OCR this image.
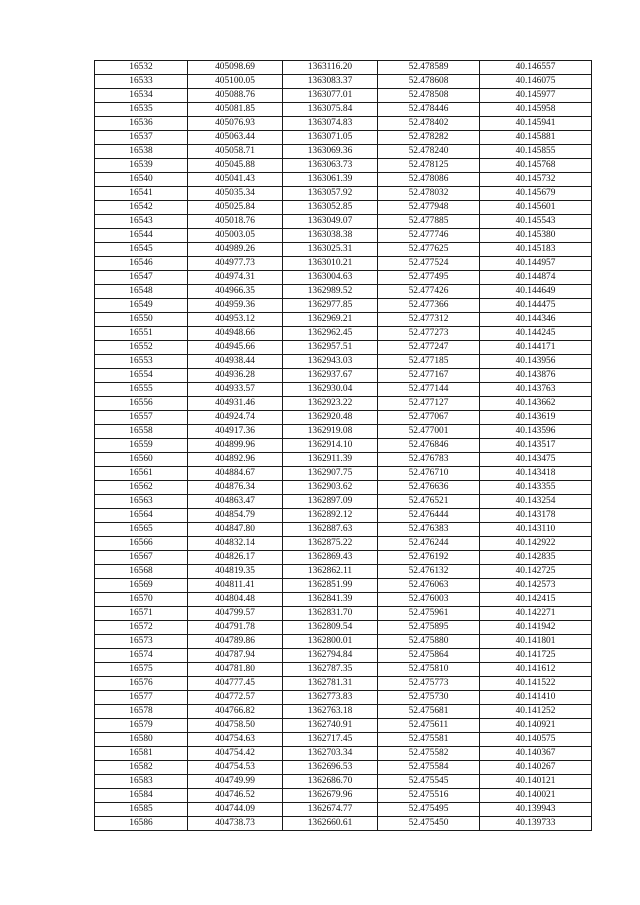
16532	405098.69	1363116.20	52.478589	40.146557
16533	405100.05	1363083.37	52.478608	40.146075
16534	405088.76	1363077.01	52.478508	40.145977
16535	405081.85	1363075.84	52.478446	40.145958
16536	405076.93	1363074.83	52.478402	40.145941
16537	405063.44	1363071.05	52.478282	40.145881
16538	405058.71	1363069.36	52.478240	40.145855
16539	405045.88	1363063.73	52.478125	40.145768
16540	405041.43	1363061.39	52.478086	40.145732
16541	405035.34	1363057.92	52.478032	40.145679
16542	405025.84	1363052.85	52.477948	40.145601
16543	405018.76	1363049.07	52.477885	40.145543
16544	405003.05	1363038.38	52.477746	40.145380
16545	404989.26	1363025.31	52.477625	40.145183
16546	404977.73	1363010.21	52.477524	40.144957
16547	404974.31	1363004.63	52.477495	40.144874
16548	404966.35	1362989.52	52.477426	40.144649
16549	404959.36	1362977.85	52.477366	40.144475
16550	404953.12	1362969.21	52.477312	40.144346
16551	404948.66	1362962.45	52.477273	40.144245
16552	404945.66	1362957.51	52.477247	40.144171
16553	404938.44	1362943.03	52.477185	40.143956
16554	404936.28	1362937.67	52.477167	40.143876
16555	404933.57	1362930.04	52.477144	40.143763
16556	404931.46	1362923.22	52.477127	40.143662
16557	404924.74	1362920.48	52.477067	40.143619
16558	404917.36	1362919.08	52.477001	40.143596
16559	404899.96	1362914.10	52.476846	40.143517
16560	404892.96	1362911.39	52.476783	40.143475
16561	404884.67	1362907.75	52.476710	40.143418
16562	404876.34	1362903.62	52.476636	40.143355
16563	404863.47	1362897.09	52.476521	40.143254
16564	404854.79	1362892.12	52.476444	40.143178
16565	404847.80	1362887.63	52.476383	40.143110
16566	404832.14	1362875.22	52.476244	40.142922
16567	404826.17	1362869.43	52.476192	40.142835
16568	404819.35	1362862.11	52.476132	40.142725
16569	404811.41	1362851.99	52.476063	40.142573
16570	404804.48	1362841.39	52.476003	40.142415
16571	404799.57	1362831.70	52.475961	40.142271
16572	404791.78	1362809.54	52.475895	40.141942
16573	404789.86	1362800.01	52.475880	40.141801
16574	404787.94	1362794.84	52.475864	40.141725
16575	404781.80	1362787.35	52.475810	40.141612
16576	404777.45	1362781.31	52.475773	40.141522
16577	404772.57	1362773.83	52.475730	40.141410
16578	404766.82	1362763.18	52.475681	40.141252
16579	404758.50	1362740.91	52.475611	40.140921
16580	404754.63	1362717.45	52.475581	40.140575
16581	404754.42	1362703.34	52.475582	40.140367
16582	404754.53	1362696.53	52.475584	40.140267
16583	404749.99	1362686.70	52.475545	40.140121
16584	404746.52	1362679.96	52.475516	40.140021
16585	404744.09	1362674.77	52.475495	40.139943
16586	404738.73	1362660.61	52.475450	40.139733
